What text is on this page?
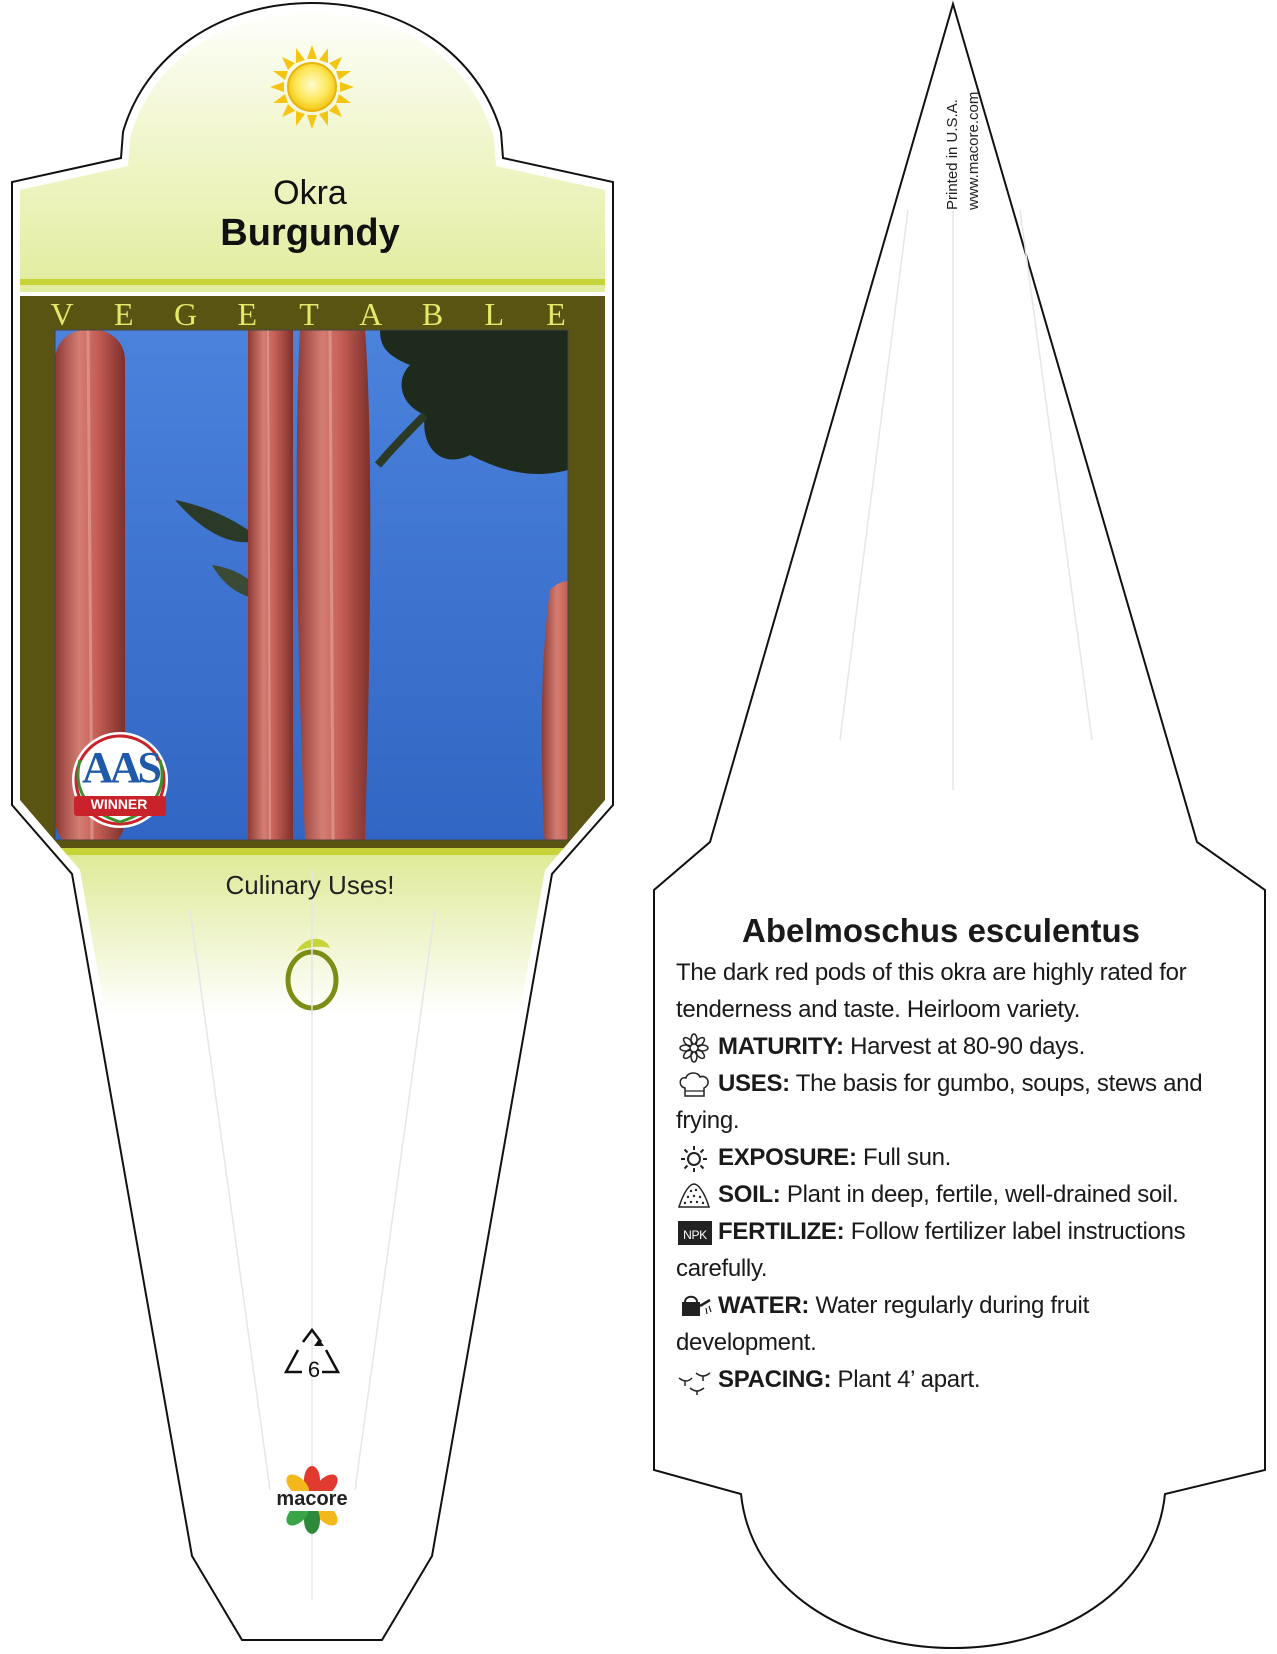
Okra
Burgundy
V E G E T A B L E
AAS
WINNER
Culinary Uses!
6
macore
Printed in U.S.A. www.macore.com
Abelmoschus esculentus
The dark red pods of this okra are highly rated for tenderness and taste. Heirloom variety.
MATURITY: Harvest at 80-90 days.
USES: The basis for gumbo, soups, stews and frying.
EXPOSURE: Full sun.
SOIL: Plant in deep, fertile, well-drained soil.
NPK FERTILIZE: Follow fertilizer label instructions carefully.
WATER: Water regularly during fruit development.
SPACING: Plant 4’ apart.
